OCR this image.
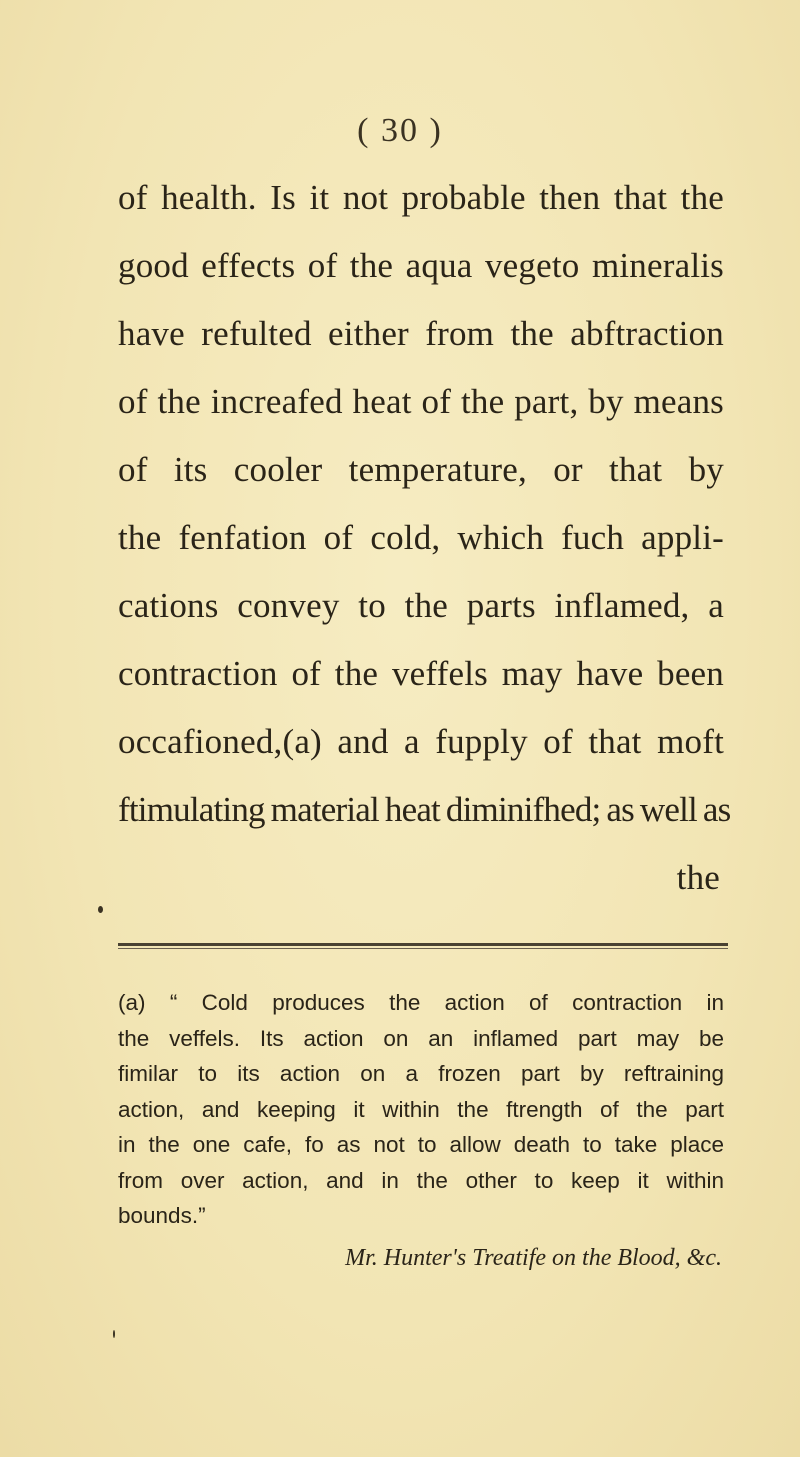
( 30 )
of health. Is it not probable then that the
good effects of the aqua vegeto mineralis
have refulted either from the abftraction
of the increafed heat of the part, by means
of its cooler temperature, or that by
the fenfation of cold, which fuch appli-
cations convey to the parts inflamed, a
contraction of the veffels may have been
occafioned,(a) and a fupply of that moft
ftimulating material heat diminifhed; as well as
the
(a) “ Cold produces the action of contraction in
the veffels. Its action on an inflamed part may be
fimilar to its action on a frozen part by reftraining
action, and keeping it within the ftrength of the part
in the one cafe, fo as not to allow death to take place
from over action, and in the other to keep it within
bounds.”
Mr. Hunter's Treatife on the Blood, &c.
